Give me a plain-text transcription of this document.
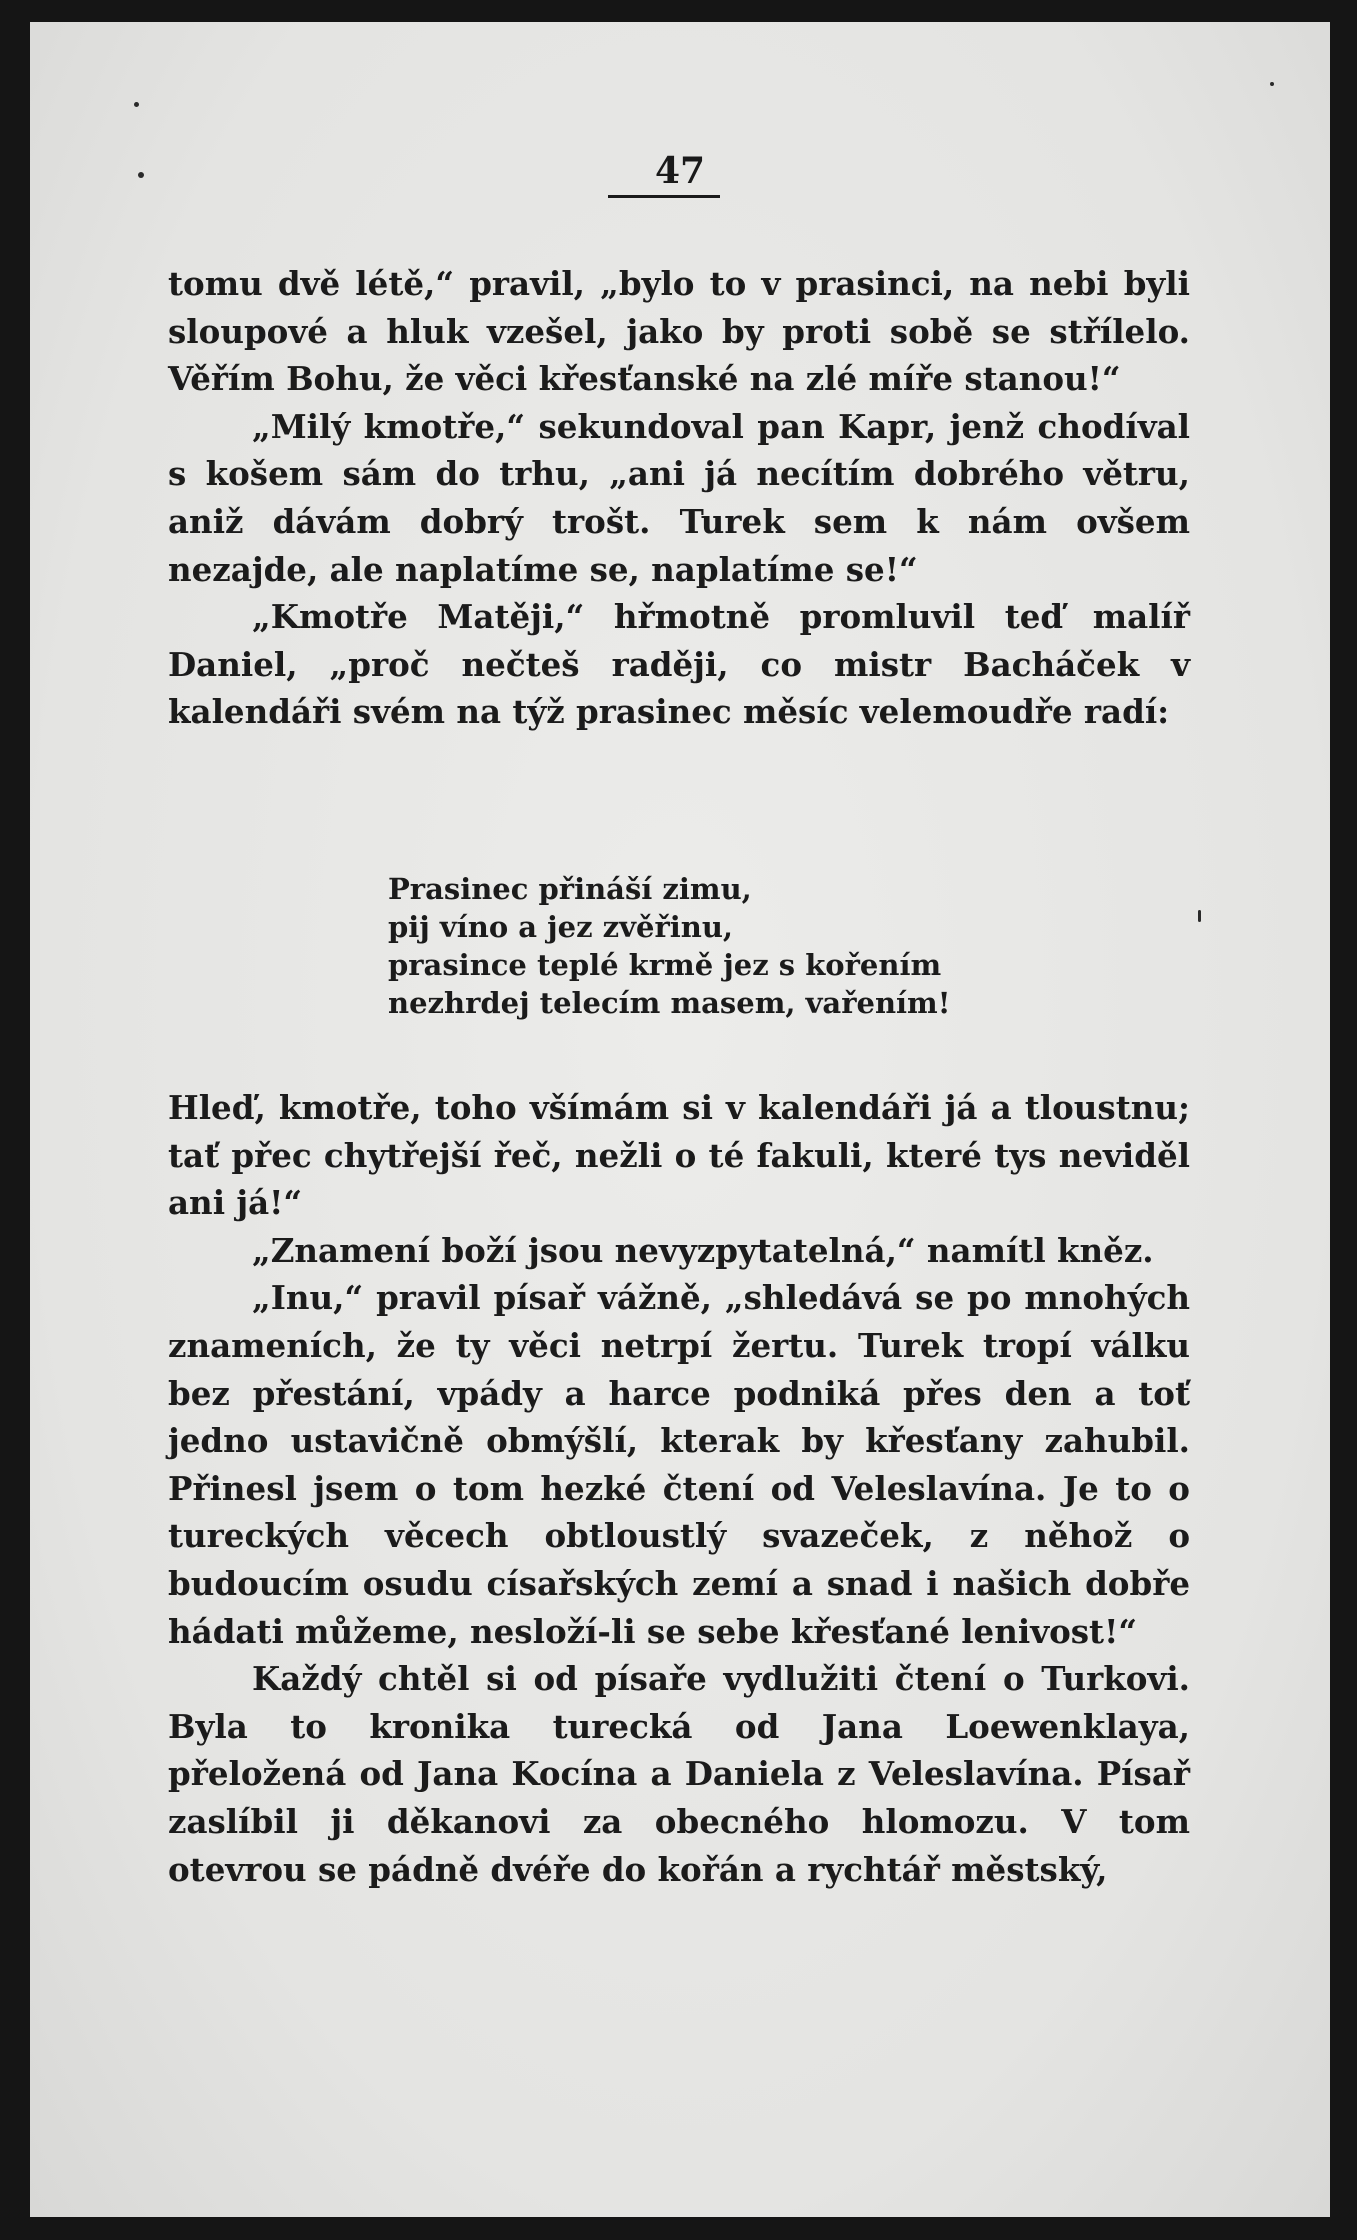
47

tomu dvě létě,“ pravil, „bylo to v prasinci, na nebi byli sloupové a hluk vzešel, jako by proti sobě se střílelo. Věřím Bohu, že věci křesťanské na zlé míře stanou!“

„Milý kmotře,“ sekundoval pan Kapr, jenž chodíval s košem sám do trhu, „ani já necítím dobrého větru, aniž dávám dobrý trošt. Turek sem k nám ovšem nezajde, ale naplatíme se, naplatíme se!“

„Kmotře Matěji,“ hřmotně promluvil teď malíř Daniel, „proč nečteš raději, co mistr Bacháček v kalendáři svém na týž prasinec měsíc velemoudře radí:

Prasinec přináší zimu,
pij víno a jez zvěřinu,
prasince teplé krmě jez s kořením
nezhrdej telecím masem, vařením!

Hleď, kmotře, toho všímám si v kalendáři já a tloustnu; tať přec chytřejší řeč, nežli o té fakuli, které tys neviděl ani já!“

„Znamení boží jsou nevyzpytatelná,“ namítl kněz.

„Inu,“ pravil písař vážně, „shledává se po mnohých znameních, že ty věci netrpí žertu. Turek tropí válku bez přestání, vpády a harce podniká přes den a toť jedno ustavičně obmýšlí, kterak by křesťany zahubil. Přinesl jsem o tom hezké čtení od Veleslavína. Je to o tureckých věcech obtloustlý svazeček, z něhož o budoucím osudu císařských zemí a snad i našich dobře hádati můžeme, nesloží-li se sebe křesťané lenivost!“

Každý chtěl si od písaře vydlužiti čtení o Turkovi. Byla to kronika turecká od Jana Loewenklaya, přeložená od Jana Kocína a Daniela z Veleslavína. Písař zaslíbil ji děkanovi za obecného hlomozu. V tom otevrou se pádně dvéře do kořán a rychtář městský,
